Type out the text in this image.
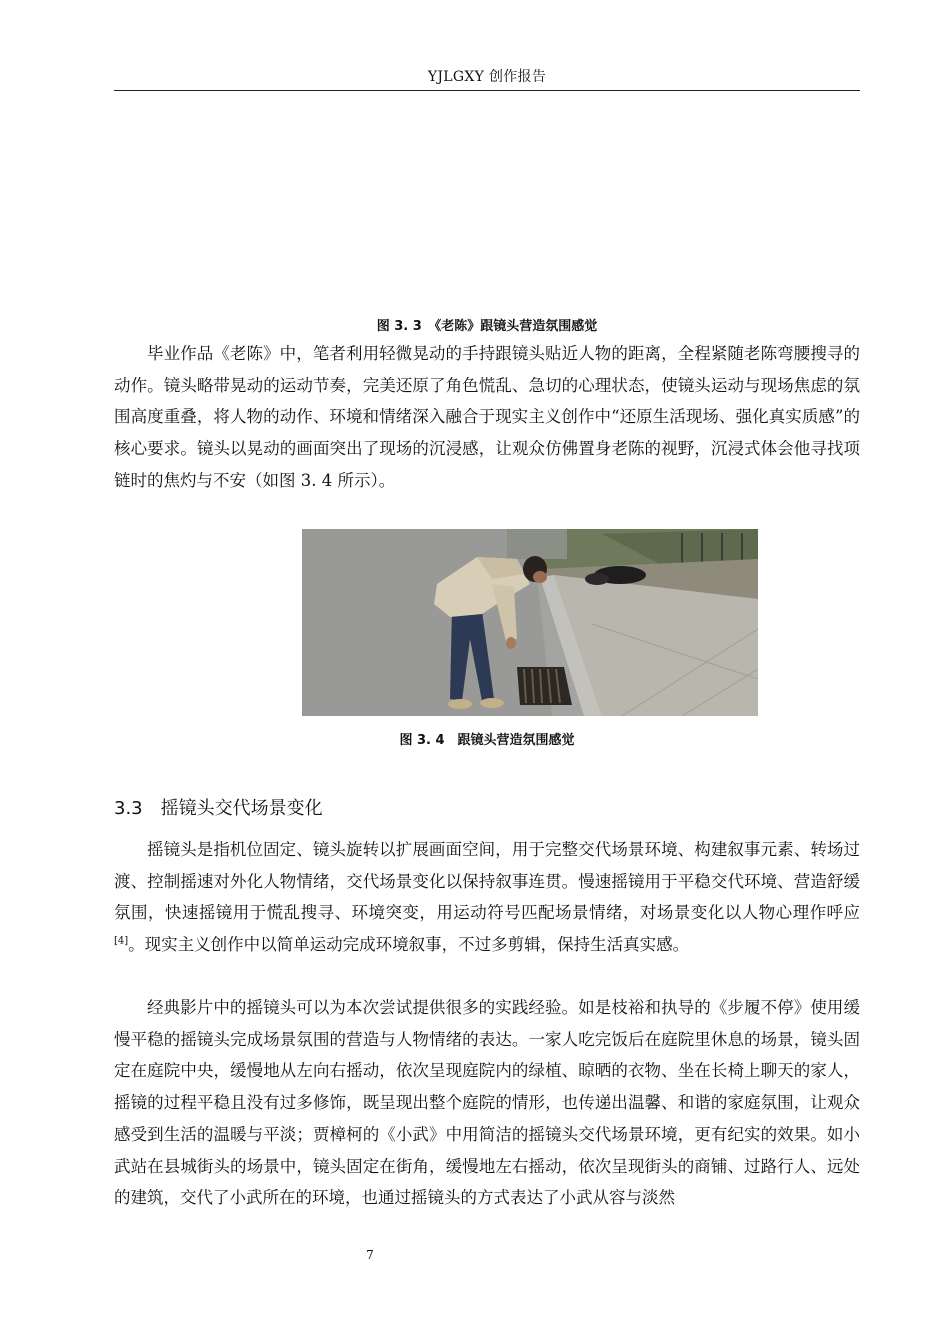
YJLGXY 创作报告
图 3. 3　《老陈》跟镜头营造氛围感觉

毕业作品《老陈》中，笔者利用轻微晃动的手持跟镜头贴近人物的距离，全程紧随老陈弯腰搜寻的动作。镜头略带晃动的运动节奏，完美还原了角色慌乱、急切的心理状态，使镜头运动与现场焦虑的氛围高度重叠，将人物的动作、环境和情绪深入融合于现实主义创作中“还原生活现场、强化真实质感”的核心要求。镜头以晃动的画面突出了现场的沉浸感，让观众仿佛置身老陈的视野，沉浸式体会他寻找项链时的焦灼与不安（如图 3. 4 所示）。

图 3. 4　跟镜头营造氛围感觉
3.3 摇镜头交代场景变化

摇镜头是指机位固定、镜头旋转以扩展画面空间，用于完整交代场景环境、构建叙事元素、转场过渡、控制摇速对外化人物情绪，交代场景变化以保持叙事连贯。慢速摇镜用于平稳交代环境、营造舒缓氛围，快速摇镜用于慌乱搜寻、环境突变，用运动符号匹配场景情绪，对场景变化以人物心理作呼应[4]。现实主义创作中以简单运动完成环境叙事，不过多剪辑，保持生活真实感。

经典影片中的摇镜头可以为本次尝试提供很多的实践经验。如是枝裕和执导的《步履不停》使用缓慢平稳的摇镜头完成场景氛围的营造与人物情绪的表达。一家人吃完饭后在庭院里休息的场景，镜头固定在庭院中央，缓慢地从左向右摇动，依次呈现庭院内的绿植、晾晒的衣物、坐在长椅上聊天的家人，摇镜的过程平稳且没有过多修饰，既呈现出整个庭院的情形，也传递出温馨、和谐的家庭氛围，让观众感受到生活的温暖与平淡；贾樟柯的《小武》中用简洁的摇镜头交代场景环境，更有纪实的效果。如小武站在县城街头的场景中，镜头固定在街角，缓慢地左右摇动，依次呈现街头的商铺、过路行人、远处的建筑，交代了小武所在的环境，也通过摇镜头的方式表达了小武从容与淡然

7
